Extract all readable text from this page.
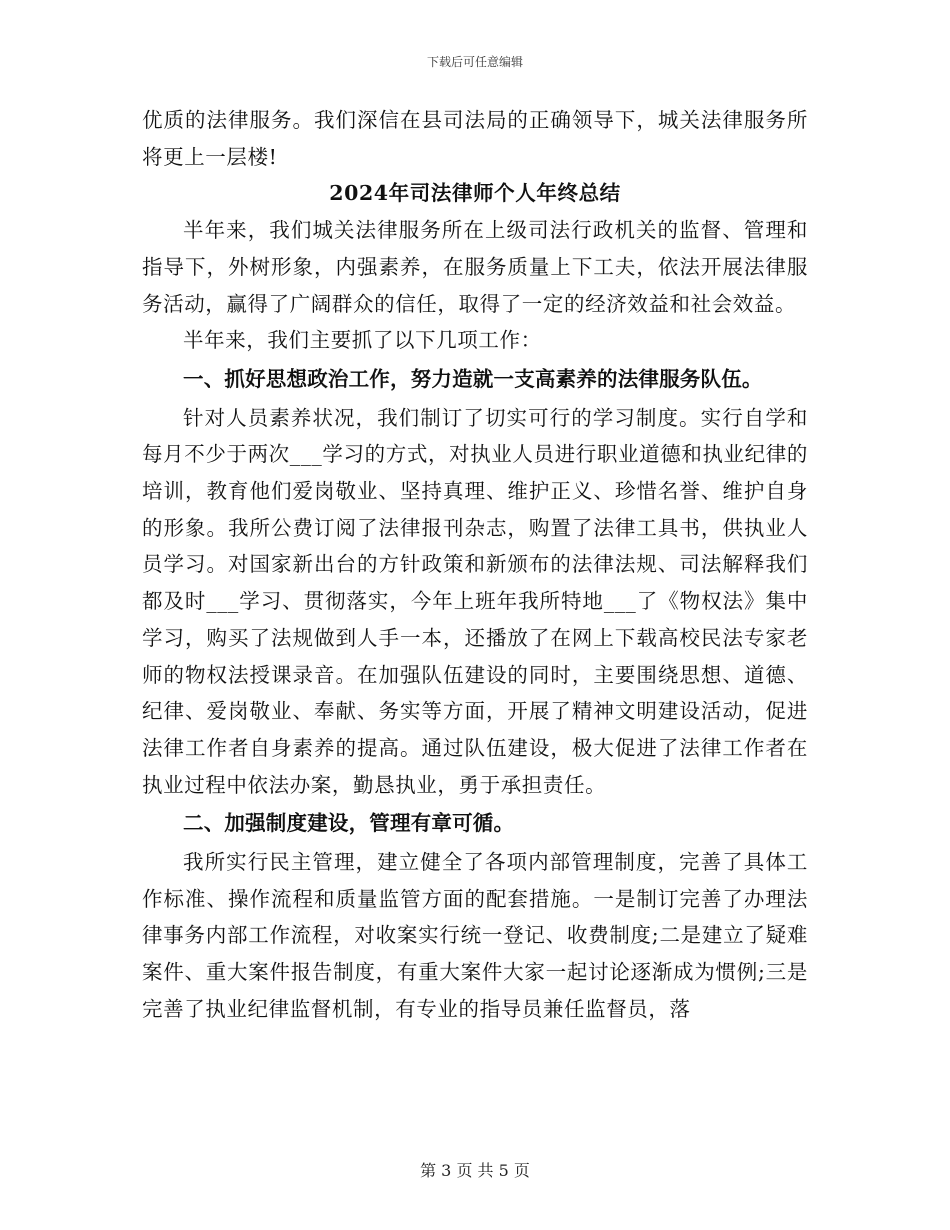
下载后可任意编辑

优质的法律服务。我们深信在县司法局的正确领导下，城关法律服务所将更上一层楼!

2024年司法律师个人年终总结

半年来，我们城关法律服务所在上级司法行政机关的监督、管理和指导下，外树形象，内强素养，在服务质量上下工夫，依法开展法律服务活动，赢得了广阔群众的信任，取得了一定的经济效益和社会效益。

半年来，我们主要抓了以下几项工作：

一、抓好思想政治工作，努力造就一支高素养的法律服务队伍。

针对人员素养状况，我们制订了切实可行的学习制度。实行自学和每月不少于两次___学习的方式，对执业人员进行职业道德和执业纪律的培训，教育他们爱岗敬业、坚持真理、维护正义、珍惜名誉、维护自身的形象。我所公费订阅了法律报刊杂志，购置了法律工具书，供执业人员学习。对国家新出台的方针政策和新颁布的法律法规、司法解释我们都及时___学习、贯彻落实，今年上班年我所特地___了《物权法》集中学习，购买了法规做到人手一本，还播放了在网上下载高校民法专家老师的物权法授课录音。在加强队伍建设的同时，主要围绕思想、道德、纪律、爱岗敬业、奉献、务实等方面，开展了精神文明建设活动，促进法律工作者自身素养的提高。通过队伍建设，极大促进了法律工作者在执业过程中依法办案，勤恳执业，勇于承担责任。

二、加强制度建设，管理有章可循。

我所实行民主管理，建立健全了各项内部管理制度，完善了具体工作标准、操作流程和质量监管方面的配套措施。一是制订完善了办理法律事务内部工作流程，对收案实行统一登记、收费制度;二是建立了疑难案件、重大案件报告制度，有重大案件大家一起讨论逐渐成为惯例;三是完善了执业纪律监督机制，有专业的指导员兼任监督员，落

第 3 页 共 5 页
